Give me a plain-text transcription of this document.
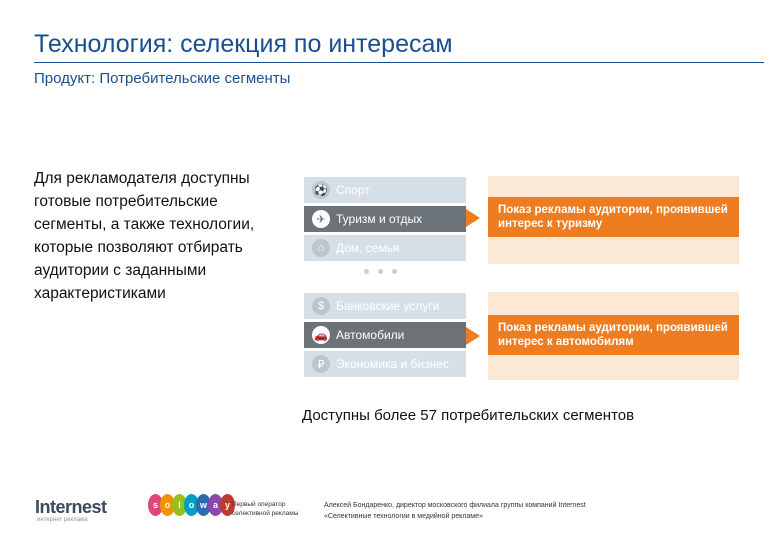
Технология: селекция по интересам
Продукт: Потребительские сегменты
Для рекламодателя доступны готовые потребительские сегменты, а также технологии, которые позволяют отбирать аудитории с заданными характеристиками
⚽ Спорт
✈ Туризм и отдых
⌂ Дом, семья
Показ рекламы аудитории, проявившей интерес к туризму
$ Банковские услуги
🚗 Автомобили
₽ Экономика и бизнес
Показ рекламы аудитории, проявившей интерес к автомобилям
Доступны более 57 потребительских сегментов
Internest
интернет реклама
s o l o w a y Первый оператор
селективной рекламы
Алексей Бондаренко, директор московского филиала группы компаний Internest
«Селективные технологии в медийной рекламе»
